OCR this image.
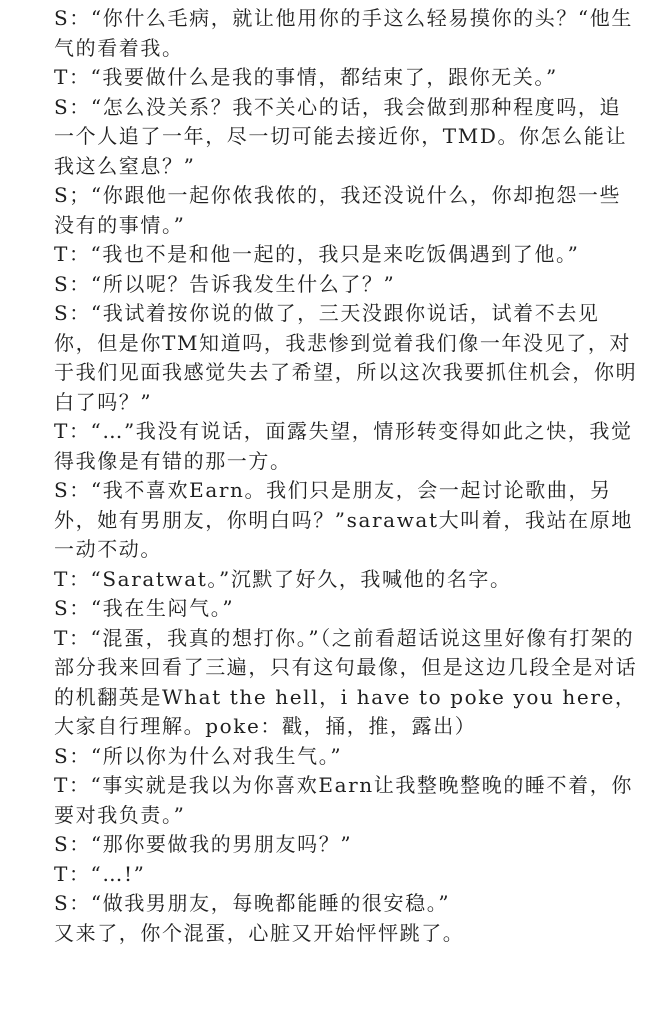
S：“你什么毛病，就让他用你的手这么轻易摸你的头？“他生气的看着我。

T：“我要做什么是我的事情，都结束了，跟你无关。”

S：“怎么没关系？我不关心的话，我会做到那种程度吗，追一个人追了一年，尽一切可能去接近你，TMD。你怎么能让我这么窒息？”

S；“你跟他一起你侬我侬的，我还没说什么，你却抱怨一些没有的事情。”

T：“我也不是和他一起的，我只是来吃饭偶遇到了他。”

S：“所以呢？告诉我发生什么了？”

S：“我试着按你说的做了，三天没跟你说话，试着不去见你，但是你TM知道吗，我悲惨到觉着我们像一年没见了，对于我们见面我感觉失去了希望，所以这次我要抓住机会，你明白了吗？”

T：“…”我没有说话，面露失望，情形转变得如此之快，我觉得我像是有错的那一方。

S：“我不喜欢Earn。我们只是朋友，会一起讨论歌曲，另外，她有男朋友，你明白吗？”sarawat大叫着，我站在原地一动不动。

T：“Saratwat。”沉默了好久，我喊他的名字。

S：“我在生闷气。”

T：“混蛋，我真的想打你。”（之前看超话说这里好像有打架的部分我来回看了三遍，只有这句最像，但是这边几段全是对话的机翻英是What the hell，i have to poke you here，大家自行理解。poke：戳，捅，推，露出）

S：“所以你为什么对我生气。”

T：“事实就是我以为你喜欢Earn让我整晚整晚的睡不着，你要对我负责。”

S：“那你要做我的男朋友吗？”

T：“…!”

S：“做我男朋友，每晚都能睡的很安稳。”

又来了，你个混蛋，心脏又开始怦怦跳了。
